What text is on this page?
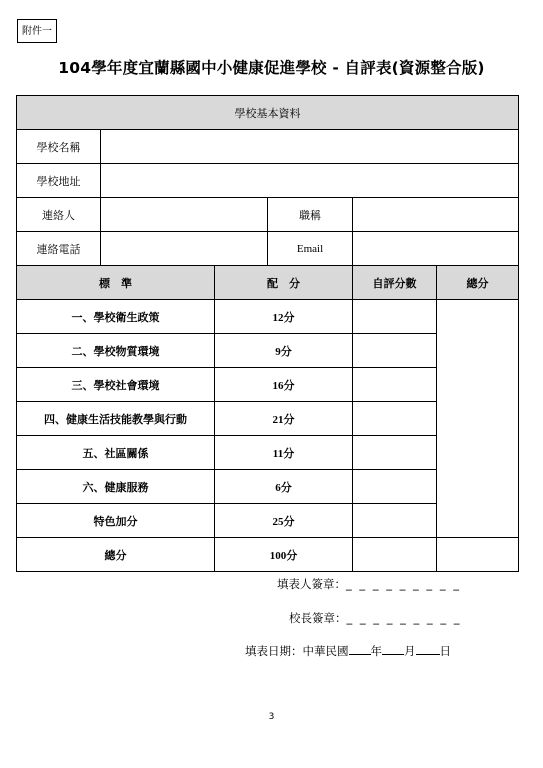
附件一
104學年度宜蘭縣國中小健康促進學校 - 自評表(資源整合版)
學校基本資料					
學校名稱					
學校地址					
連絡人			職稱		
連絡電話			Email		
標　準		配　分		自評分數	總分
一、學校衛生政策		12分			
二、學校物質環境		9分			
三、學校社會環境		16分			
四、健康生活技能教學與行動		21分			
五、社區關係		11分			
六、健康服務		6分			
特色加分		25分			
總分		100分			
填表人簽章：_ _ _ _ _ _ _ _ _
校長簽章：_ _ _ _ _ _ _ _ _
填表日期：中華民國 年 月 日
3
